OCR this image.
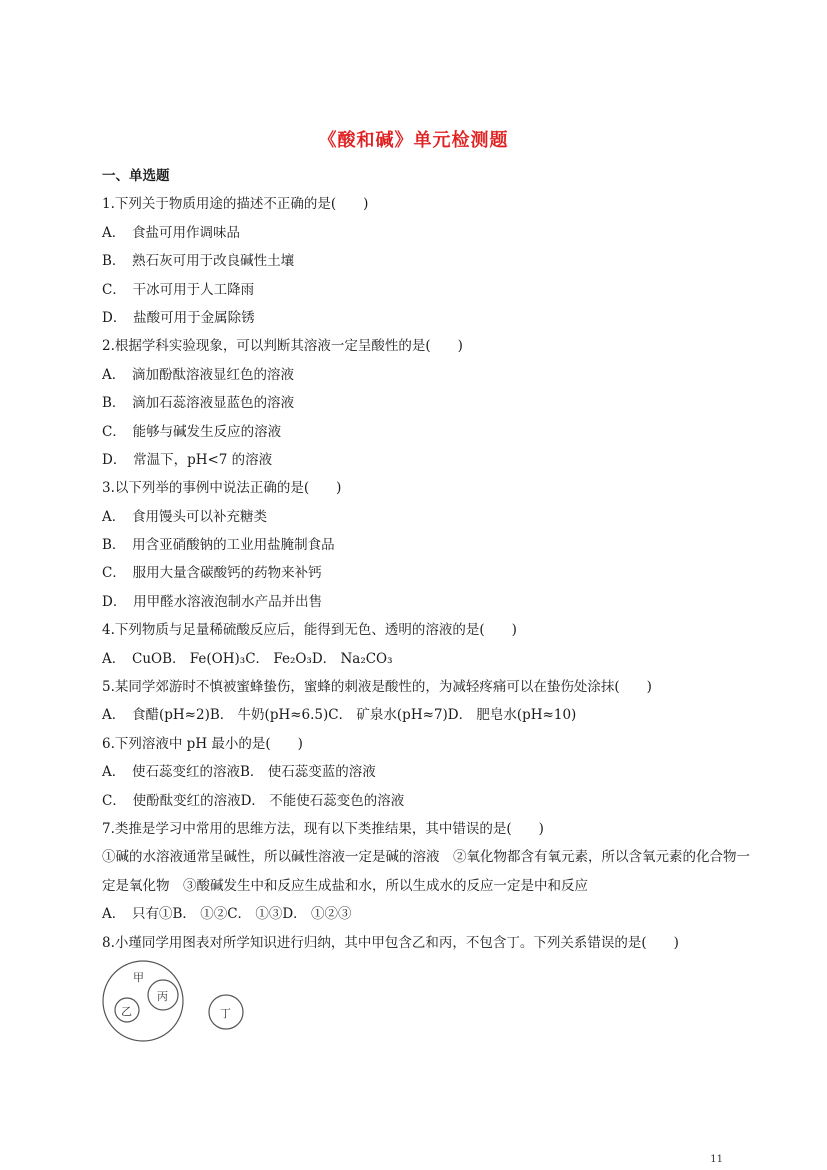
《酸和碱》单元检测题
一、单选题
1.下列关于物质用途的描述不正确的是(　　)
A．　食盐可用作调味品
B．　熟石灰可用于改良碱性土壤
C．　干冰可用于人工降雨
D．　盐酸可用于金属除锈
2.根据学科实验现象，可以判断其溶液一定呈酸性的是(　　)
A．　滴加酚酞溶液显红色的溶液
B．　滴加石蕊溶液显蓝色的溶液
C．　能够与碱发生反应的溶液
D．　常温下，pH<7 的溶液
3.以下列举的事例中说法正确的是(　　)
A．　食用馒头可以补充糖类
B．　用含亚硝酸钠的工业用盐腌制食品
C．　服用大量含碳酸钙的药物来补钙
D．　用甲醛水溶液泡制水产品并出售
4.下列物质与足量稀硫酸反应后，能得到无色、透明的溶液的是(　　)
A．　CuOB． Fe(OH)₃C． Fe₂O₃D． Na₂CO₃
5.某同学郊游时不慎被蜜蜂蛰伤，蜜蜂的刺液是酸性的，为减轻疼痛可以在蛰伤处涂抹(　　)
A．　食醋(pH≈2)B． 牛奶(pH≈6.5)C． 矿泉水(pH≈7)D． 肥皂水(pH≈10)
6.下列溶液中 pH 最小的是(　　)
A．　使石蕊变红的溶液B． 使石蕊变蓝的溶液
C．　使酚酞变红的溶液D． 不能使石蕊变色的溶液
7.类推是学习中常用的思维方法，现有以下类推结果，其中错误的是(　　)
①碱的水溶液通常呈碱性，所以碱性溶液一定是碱的溶液　②氧化物都含有氧元素，所以含氧元素的化合物一定是氧化物　③酸碱发生中和反应生成盐和水，所以生成水的反应一定是中和反应
A．　只有①B． ①②C． ①③D． ①②③
8.小瑾同学用图表对所学知识进行归纳，其中甲包含乙和丙，不包含丁。下列关系错误的是(　　)
甲
乙
丙
丁
11
